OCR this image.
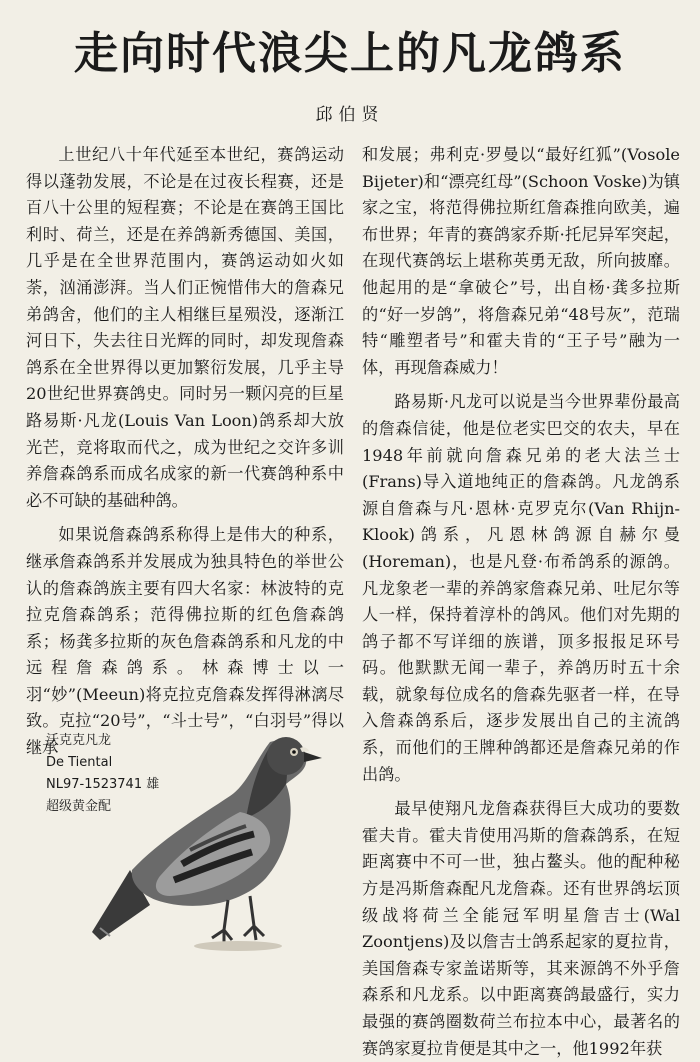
走向时代浪尖上的凡龙鸽系
邱伯贤

上世纪八十年代延至本世纪，赛鸽运动得以蓬勃发展，不论是在过夜长程赛，还是百八十公里的短程赛；不论是在赛鸽王国比利时、荷兰，还是在养鸽新秀德国、美国，几乎是在全世界范围内，赛鸽运动如火如荼，汹涌澎湃。当人们正惋惜伟大的詹森兄弟鸽舍，他们的主人相继巨星殒没，逐渐江河日下，失去往日光辉的同时，却发现詹森鸽系在全世界得以更加繁衍发展，几乎主导20世纪世界赛鸽史。同时另一颗闪亮的巨星路易斯·凡龙(Louis Van Loon)鸽系却大放光芒，竞将取而代之，成为世纪之交许多训养詹森鸽系而成名成家的新一代赛鸽种系中必不可缺的基础种鸽。

如果说詹森鸽系称得上是伟大的种系，继承詹森鸽系并发展成为独具特色的举世公认的詹森鸽族主要有四大名家：林波特的克拉克詹森鸽系；范得佛拉斯的红色詹森鸽系；杨龚多拉斯的灰色詹森鸽系和凡龙的中远程詹森鸽系。林森博士以一羽“妙”(Meeun)将克拉克詹森发挥得淋漓尽致。克拉“20号”，“斗士号”，“白羽号”得以继承

和发展；弗利克·罗曼以“最好红狐”(Vosole Bijeter)和“漂亮红母”(Schoon Voske)为镇家之宝，将范得佛拉斯红詹森推向欧美，遍布世界；年青的赛鸽家乔斯·托尼异军突起，在现代赛鸽坛上堪称英勇无敌，所向披靡。他起用的是“拿破仑”号，出自杨·龚多拉斯的“好一岁鸽”，将詹森兄弟“48号灰”，范瑞特“雕塑者号”和霍夫肯的“王子号”融为一体，再现詹森威力！

路易斯·凡龙可以说是当今世界辈份最高的詹森信徒，他是位老实巴交的农夫，早在1948年前就向詹森兄弟的老大法兰士(Frans)导入道地纯正的詹森鸽。凡龙鸽系源自詹森与凡·恩林·克罗克尔(Van Rhijn-Klook)鸽系，凡恩林鸽源自赫尔曼(Horeman)，也是凡登·布希鸽系的源鸽。凡龙象老一辈的养鸽家詹森兄弟、吐尼尔等人一样，保持着淳朴的鸽风。他们对先期的鸽子都不写详细的族谱，顶多报报足环号码。他默默无闻一辈子，养鸽历时五十余载，就象每位成名的詹森先驱者一样，在导入詹森鸽系后，逐步发展出自己的主流鸽系，而他们的王牌种鸽都还是詹森兄弟的作出鸽。

最早使翔凡龙詹森获得巨大成功的要数霍夫肯。霍夫肯使用冯斯的詹森鸽系，在短距离赛中不可一世，独占鳌头。他的配种秘方是冯斯詹森配凡龙詹森。还有世界鸽坛顶级战将荷兰全能冠军明星詹吉士(Wal Zoontjens)及以詹吉士鸽系起家的夏拉肯，美国詹森专家盖诺斯等，其来源鸽不外乎詹森系和凡龙系。以中距离赛鸽最盛行，实力最强的赛鸽圈数荷兰布拉本中心，最著名的赛鸽家夏拉肯便是其中之一，他1992年获

沃克克凡龙
De Tiental
NL97-1523741 雄
超级黄金配
